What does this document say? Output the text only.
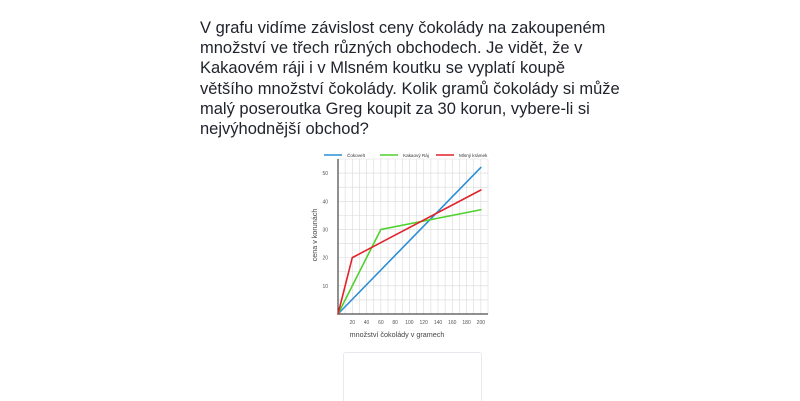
V grafu vidíme závislost ceny čokolády na zakoupeném množství ve třech různých obchodech. Je vidět, že v Kakaovém ráji i v Mlsném koutku se vyplatí koupě většího množství čokolády. Kolik gramů čokolády si může malý poseroutka Greg koupit za 30 korun, vybere-li si nejvýhodnější obchod?

20 40 60 80 100 120 140 160 180 200
10
20
30
40
50
Čokovelt	Kakaový Ráj	Mlsný krámek
množství čokolády v gramech
cena v korunách
